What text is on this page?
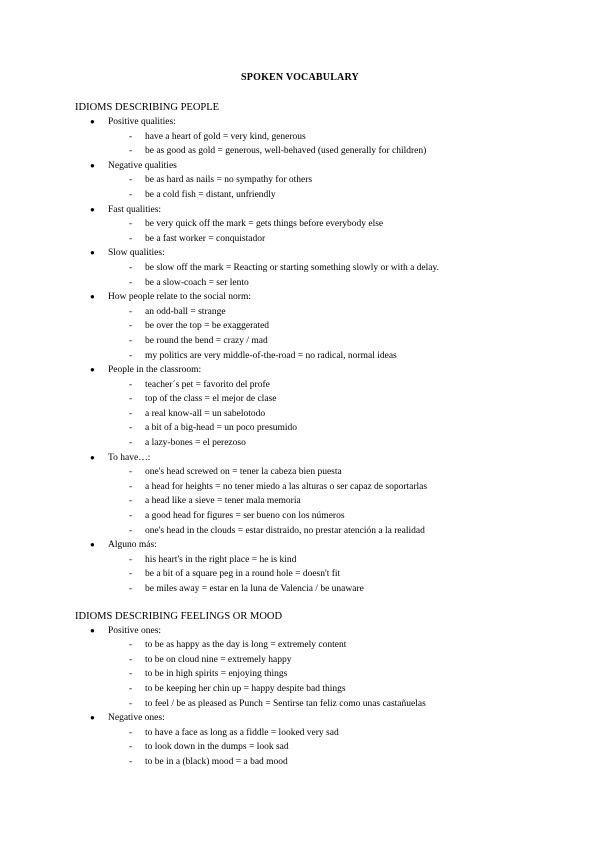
SPOKEN VOCABULARY
IDIOMS DESCRIBING PEOPLE
● Positive qualities:
- have a heart of gold = very kind, generous
- be as good as gold = generous, well-behaved (used generally for children)
● Negative qualities
- be as hard as nails = no sympathy for others
- be a cold fish = distant, unfriendly
● Fast qualities:
- be very quick off the mark = gets things before everybody else
- be a fast worker = conquistador
● Slow qualities:
- be slow off the mark = Reacting or starting something slowly or with a delay.
- be a slow-coach = ser lento
● How people relate to the social norm:
- an odd-ball = strange
- be over the top = be exaggerated
- be round the bend = crazy / mad
- my politics are very middle-of-the-road = no radical, normal ideas
● People in the classroom:
- teacher´s pet = favorito del profe
- top of the class = el mejor de clase
- a real know-all = un sabelotodo
- a bit of a big-head = un poco presumido
- a lazy-bones = el perezoso
● To have…:
- one's head screwed on = tener la cabeza bien puesta
- a head for heights = no tener miedo a las alturas o ser capaz de soportarlas
- a head like a sieve = tener mala memoria
- a good head for figures = ser bueno con los números
- one's head in the clouds = estar distraido, no prestar atención a la realidad
● Alguno más:
- his heart's in the right place = he is kind
- be a bit of a square peg in a round hole = doesn't fit
- be miles away = estar en la luna de Valencia / be unaware
IDIOMS DESCRIBING FEELINGS OR MOOD
● Positive ones:
- to be as happy as the day is long = extremely content
- to be on cloud nine = extremely happy
- to be in high spirits = enjoying things
- to be keeping her chin up = happy despite bad things
- to feel / be as pleased as Punch = Sentirse tan feliz como unas castañuelas
● Negative ones:
- to have a face as long as a fiddle = looked very sad
- to look down in the dumps = look sad
- to be in a (black) mood = a bad mood
